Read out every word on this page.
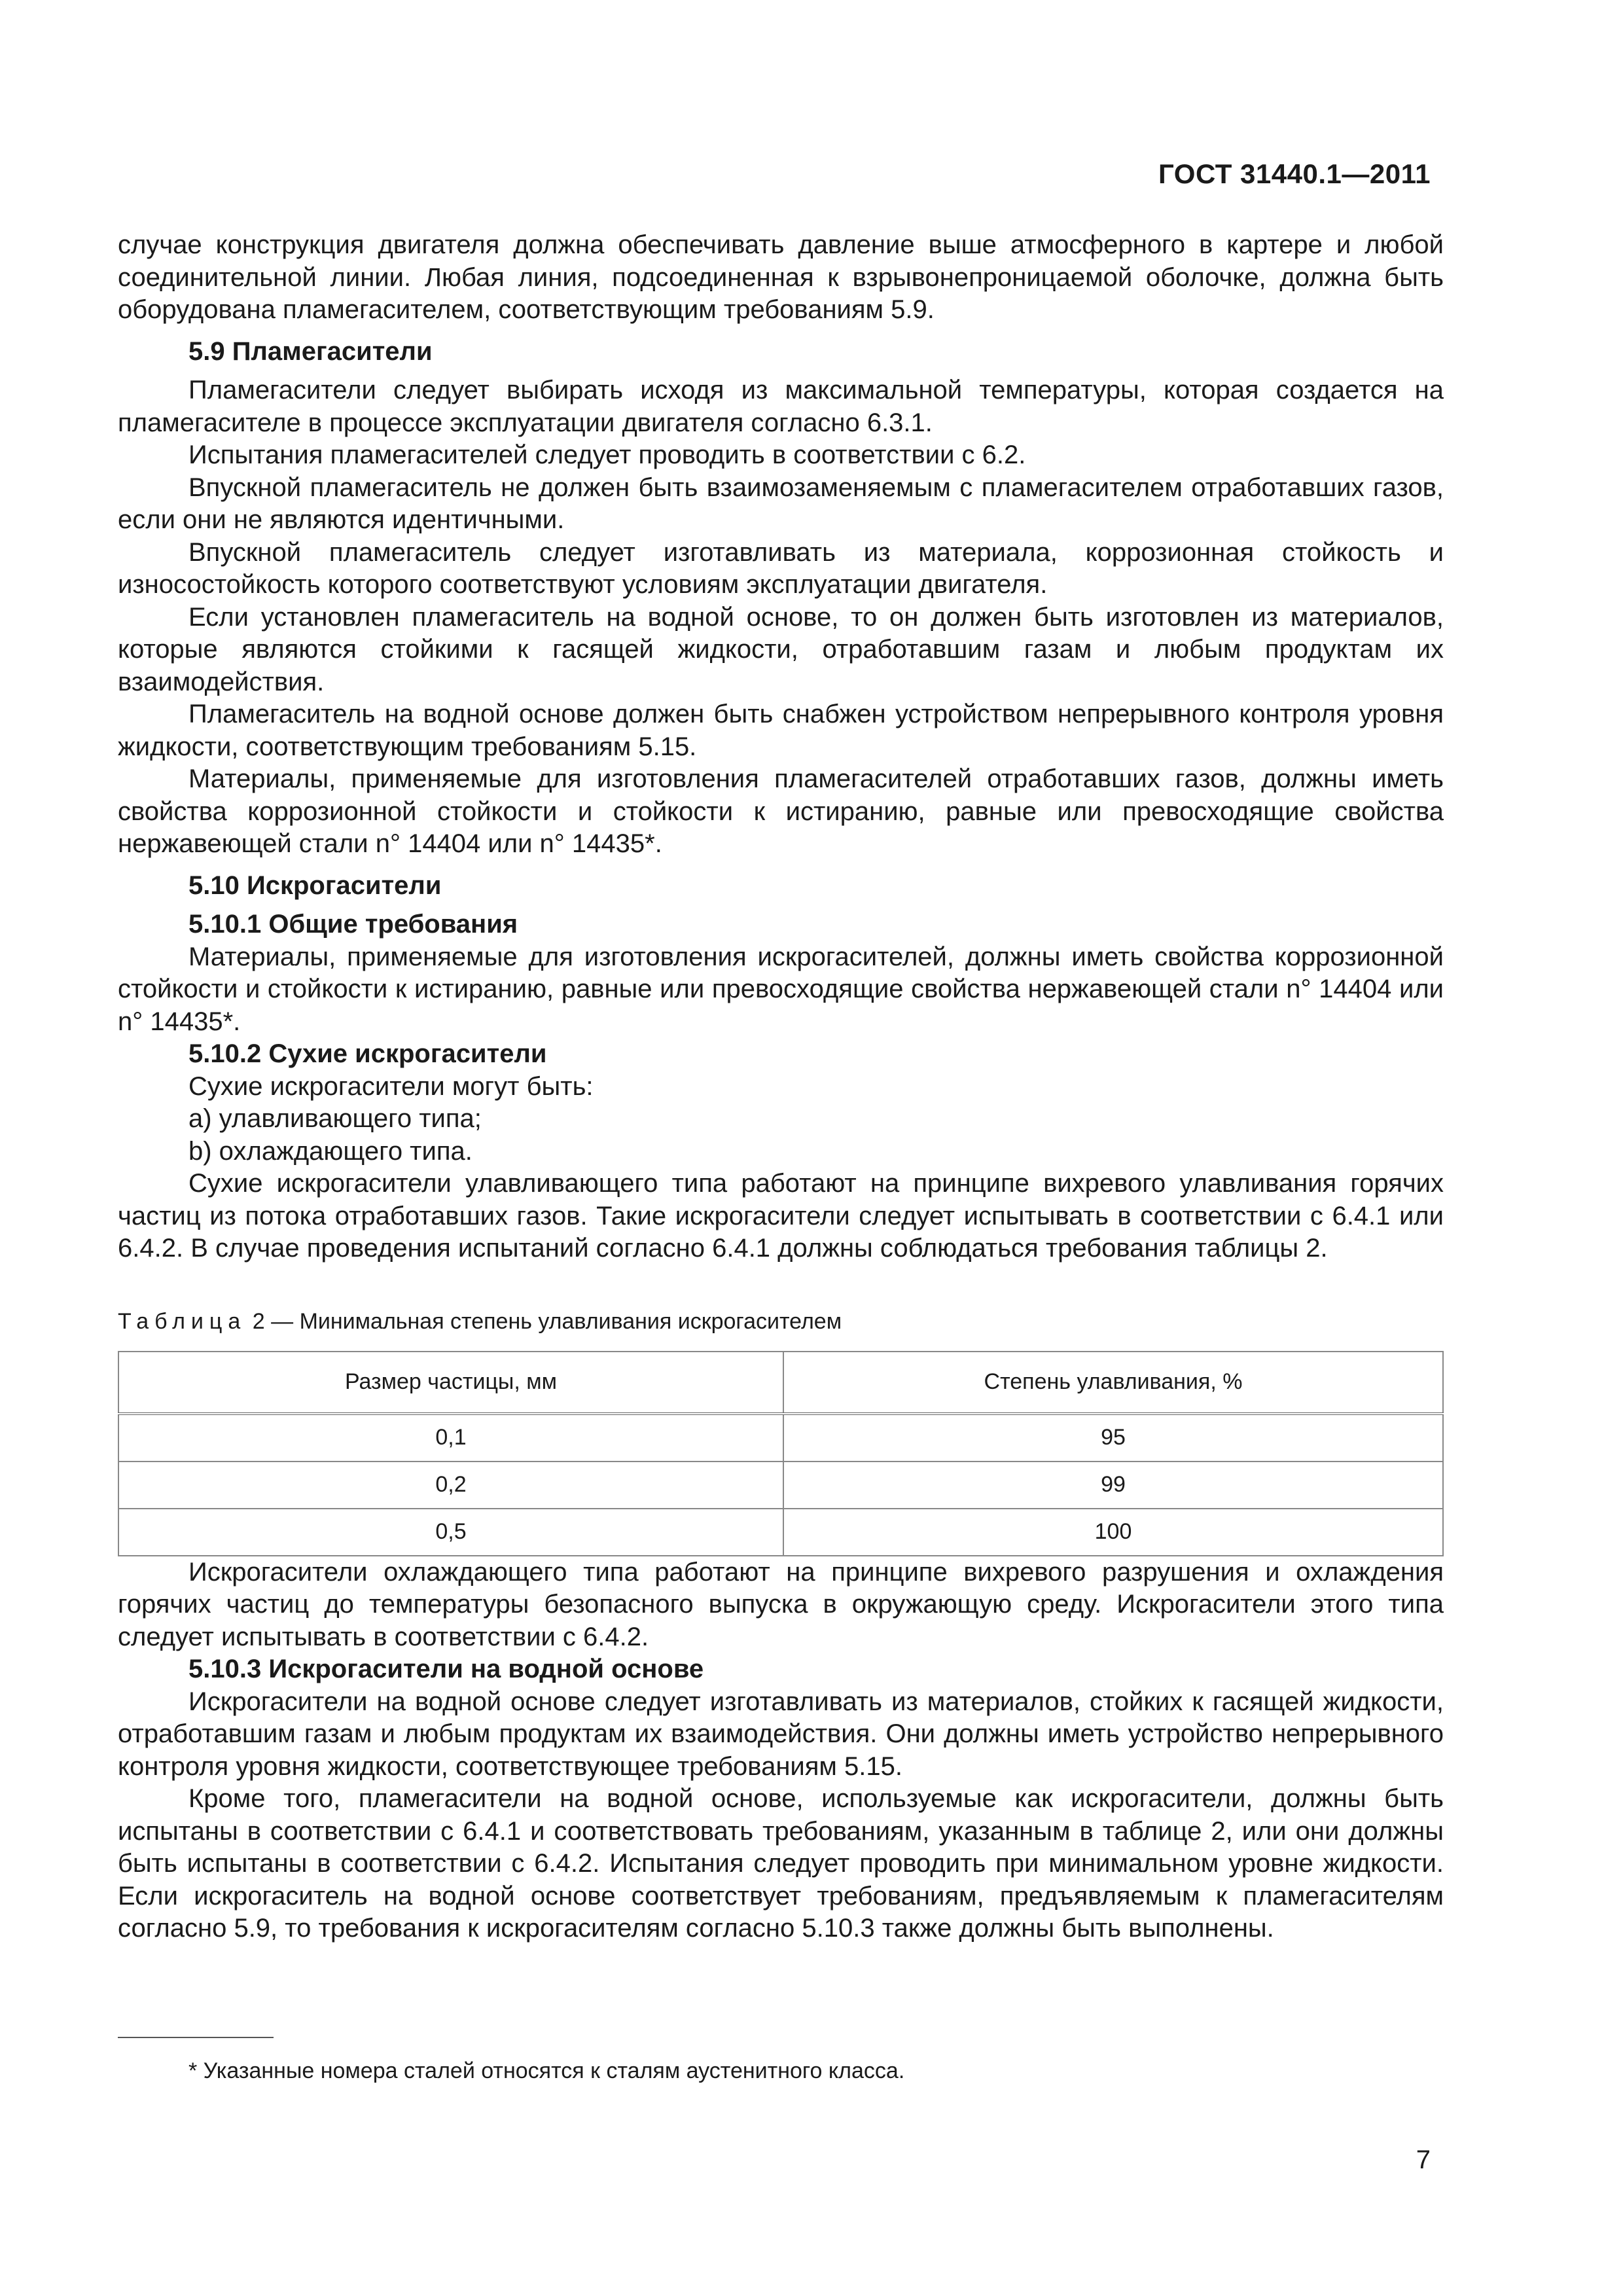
ГОСТ 31440.1—2011

случае конструкция двигателя должна обеспечивать давление выше атмосферного в картере и любой соединительной линии. Любая линия, подсоединенная к взрывонепроницаемой оболочке, должна быть оборудована пламегасителем, соответствующим требованиям 5.9.

5.9 Пламегасители

Пламегасители следует выбирать исходя из максимальной температуры, которая создается на пламегасителе в процессе эксплуатации двигателя согласно 6.3.1.

Испытания пламегасителей следует проводить в соответствии с 6.2.

Впускной пламегаситель не должен быть взаимозаменяемым с пламегасителем отработавших газов, если они не являются идентичными.

Впускной пламегаситель следует изготавливать из материала, коррозионная стойкость и износостойкость которого соответствуют условиям эксплуатации двигателя.

Если установлен пламегаситель на водной основе, то он должен быть изготовлен из материалов, которые являются стойкими к гасящей жидкости, отработавшим газам и любым продуктам их взаимодействия.

Пламегаситель на водной основе должен быть снабжен устройством непрерывного контроля уровня жидкости, соответствующим требованиям 5.15.

Материалы, применяемые для изготовления пламегасителей отработавших газов, должны иметь свойства коррозионной стойкости и стойкости к истиранию, равные или превосходящие свойства нержавеющей стали n° 14404 или n° 14435*.

5.10 Искрогасители
5.10.1 Общие требования

Материалы, применяемые для изготовления искрогасителей, должны иметь свойства коррозионной стойкости и стойкости к истиранию, равные или превосходящие свойства нержавеющей стали n° 14404 или n° 14435*.

5.10.2 Сухие искрогасители

Сухие искрогасители могут быть:

a) улавливающего типа;

b) охлаждающего типа.

Сухие искрогасители улавливающего типа работают на принципе вихревого улавливания горячих частиц из потока отработавших газов. Такие искрогасители следует испытывать в соответствии с 6.4.1 или 6.4.2. В случае проведения испытаний согласно 6.4.1 должны соблюдаться требования таблицы 2.

Таблица 2 — Минимальная степень улавливания искрогасителем
Размер частицы, мм	Степень улавливания, %
0,1	95
0,2	99
0,5	100

Искрогасители охлаждающего типа работают на принципе вихревого разрушения и охлаждения горячих частиц до температуры безопасного выпуска в окружающую среду. Искрогасители этого типа следует испытывать в соответствии с 6.4.2.

5.10.3 Искрогасители на водной основе

Искрогасители на водной основе следует изготавливать из материалов, стойких к гасящей жидкости, отработавшим газам и любым продуктам их взаимодействия. Они должны иметь устройство непрерывного контроля уровня жидкости, соответствующее требованиям 5.15.

Кроме того, пламегасители на водной основе, используемые как искрогасители, должны быть испытаны в соответствии с 6.4.1 и соответствовать требованиям, указанным в таблице 2, или они должны быть испытаны в соответствии с 6.4.2. Испытания следует проводить при минимальном уровне жидкости. Если искрогаситель на водной основе соответствует требованиям, предъявляемым к пламегасителям согласно 5.9, то требования к искрогасителям согласно 5.10.3 также должны быть выполнены.

* Указанные номера сталей относятся к сталям аустенитного класса.
7
